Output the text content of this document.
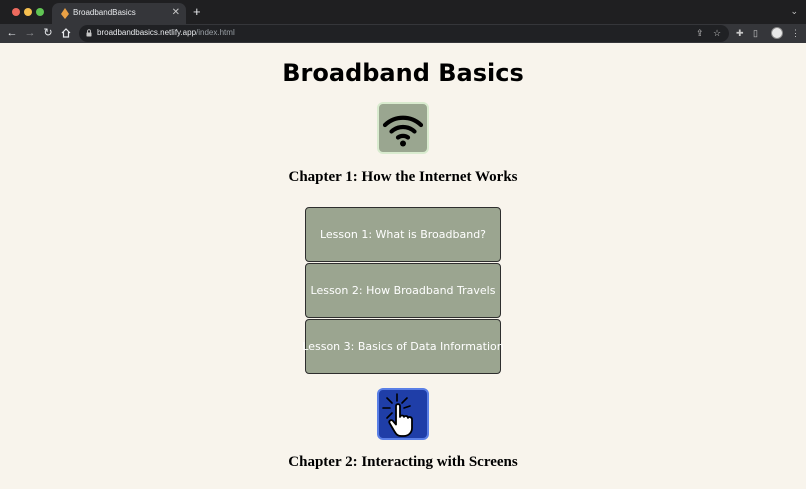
BroadbandBasics	✕ +	⌄
← → ↻	broadbandbasics.netlify.app/index.html	⇪ ☆ ✚ ▯	⋮
Broadband Basics
Chapter 1: How the Internet Works
Lesson 1: What is Broadband?
Lesson 2: How Broadband Travels
Lesson 3: Basics of Data Information
Chapter 2: Interacting with Screens
